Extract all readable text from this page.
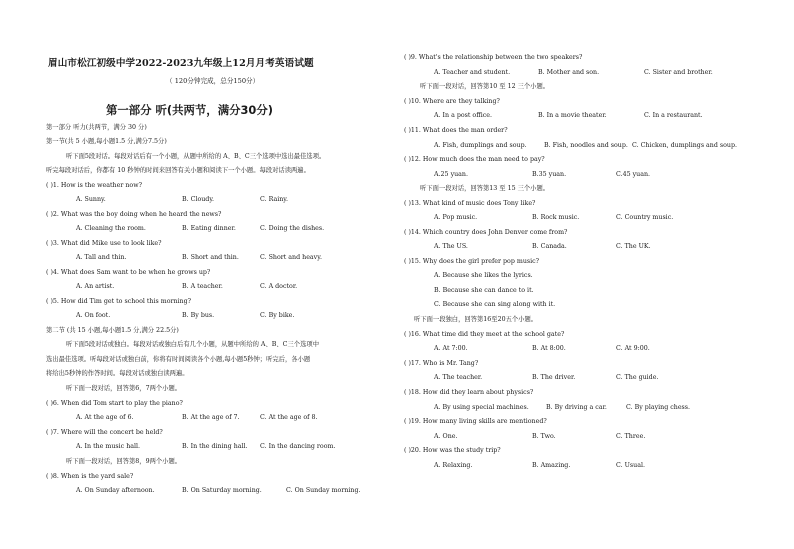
眉山市松江初级中学2022-2023九年级上12月月考英语试题
（ 120分钟完成，总分150分）
第一部分 听(共两节，满分30分)
第一部分 听力(共两节，满分 30 分)
第一节(共 5 小题,每小题1.5 分,满分7.5分)
听下面5段对话。每段对话后有一个小题，从题中所给的 A、B、C三个选项中选出最佳选项。
听完每段对话后，你都有 10 秒钟的时间来回答有关小题和阅读下一个小题。每段对话读两遍。
( )1. How is the weather now?
A. Sunny.	B. Cloudy.	C. Rainy.
( )2. What was the boy doing when he heard the news?
A. Cleaning the room.	B. Eating dinner.	C. Doing the dishes.
( )3. What did Mike use to look like?
A. Tall and thin.	B. Short and thin.	C. Short and heavy.
( )4. What does Sam want to be when he grows up?
A. An artist.	B. A teacher.	C. A doctor.
( )5. How did Tim get to school this morning?
A. On foot.	B. By bus.	C. By bike.
第二节 (共 15 小题,每小题1.5 分,满分 22.5分)
听下面5段对话或独白。每段对话或独白后有几个小题，从题中所给的 A、B、C三个选项中
选出最佳选项。听每段对话或独白前，你将有时间阅读各个小题,每小题5秒钟；听完后，各小题
将给出5秒钟的作答时间。每段对话或独白读两遍。
听下面一段对话，回答第6，7两个小题。
( )6. When did Tom start to play the piano?
A. At the age of 6.	B. At the age of 7.	C. At the age of 8.
( )7. Where will the concert be held?
A. In the music hall.	B. In the dining hall. C. In the dancing room.
听下面一段对话，回答第8，9两个小题。
( )8. When is the yard sale?
A. On Sunday afternoon.	B. On Saturday morning.	C. On Sunday morning.
( )9. What's the relationship between the two speakers?
A. Teacher and student.	B. Mother and son.	C. Sister and brother.
听下面一段对话，回答第10 至 12 三个小题。
( )10. Where are they talking?
A. In a post office.	B. In a movie theater.	C. In a restaurant.
( )11. What does the man order?
A. Fish, dumplings and soup.	B. Fish, noodles and soup. C. Chicken, dumplings and soup.
( )12. How much does the man need to pay?
A.25 yuan.	B.35 yuan.	C.45 yuan.
听下面一段对话，回答第13 至 15 三个小题。
( )13. What kind of music does Tony like?
A. Pop music.	B. Rock music.	C. Country music.
( )14. Which country does John Denver come from?
A. The US.	B. Canada.	C. The UK.
( )15. Why does the girl prefer pop music?
A. Because she likes the lyrics.
B. Because she can dance to it.
C. Because she can sing along with it.
听下面一段独白，回答第16至20五个小题。
( )16. What time did they meet at the school gate?
A. At 7:00.	B. At 8:00.	C. At 9:00.
( )17. Who is Mr. Tang?
A. The teacher.	B. The driver.	C. The guide.
( )18. How did they learn about physics?
A. By using special machines.	B. By driving a car.	C. By playing chess.
( )19. How many living skills are mentioned?
A. One.	B. Two.	C. Three.
( )20. How was the study trip?
A. Relaxing.	B. Amazing.	C. Usual.
